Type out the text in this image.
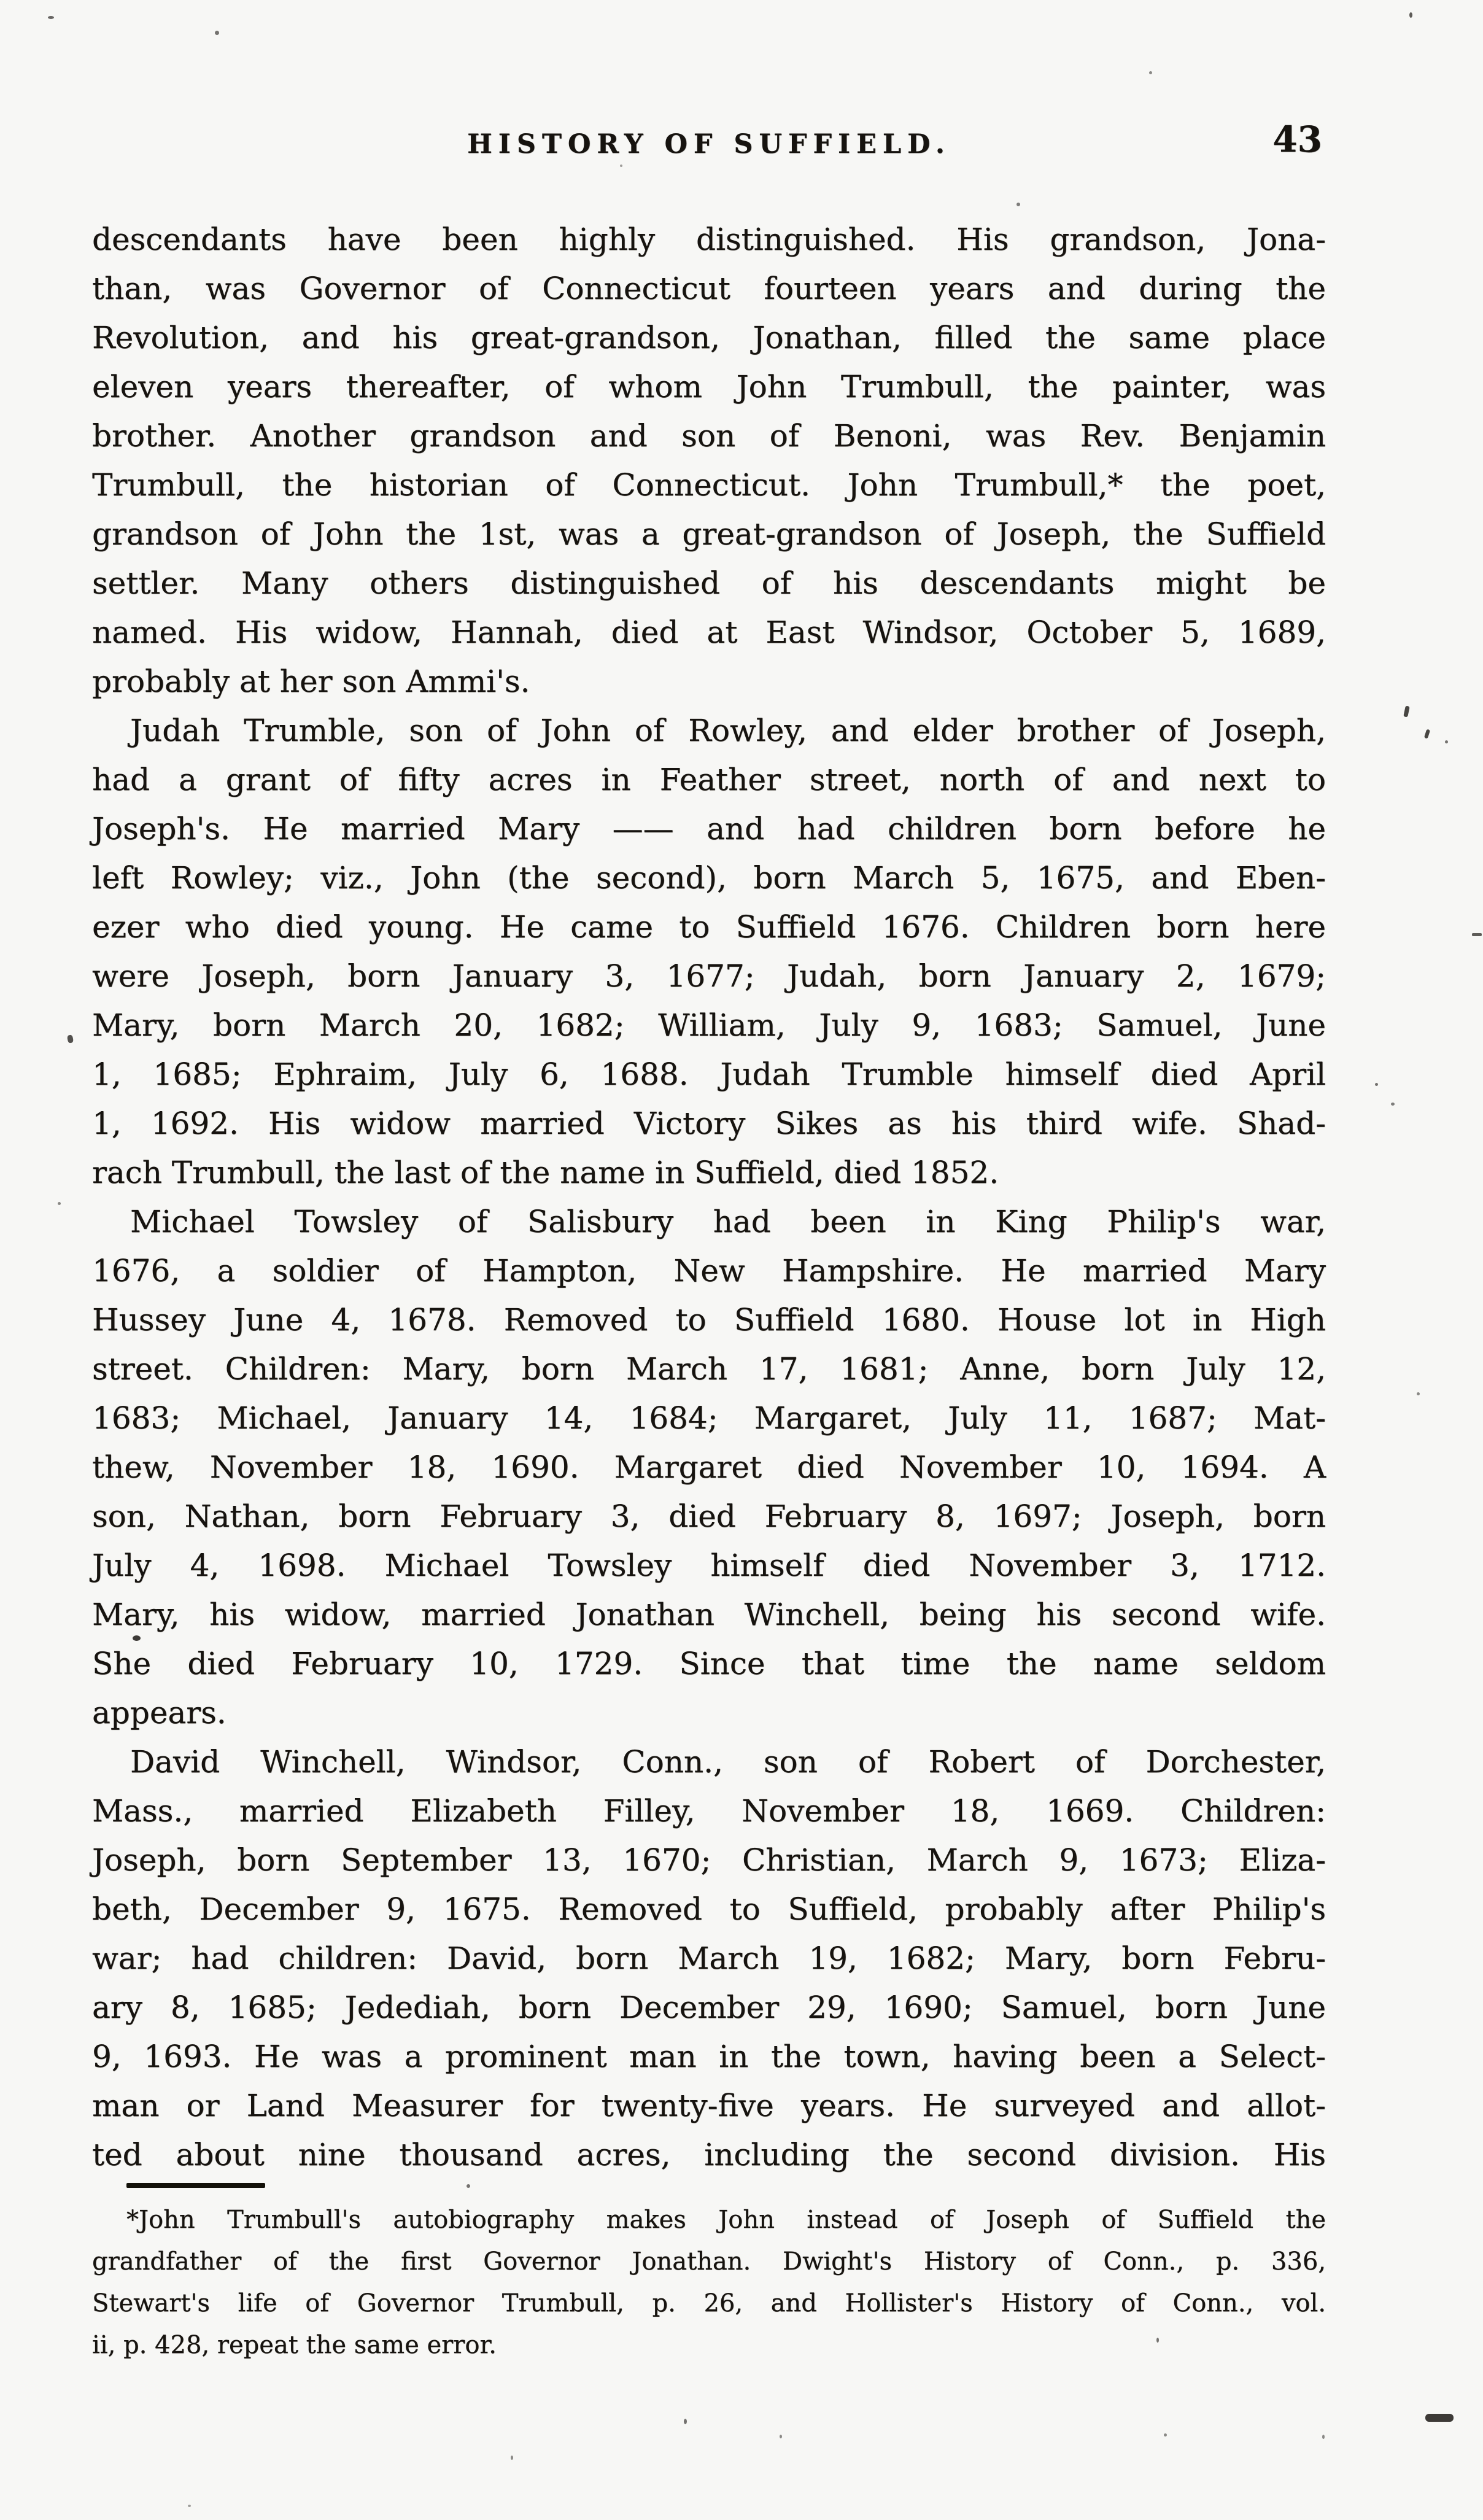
HISTORY OF SUFFIELD.	43
descendants have been highly distinguished. His grandson, Jona-
than, was Governor of Connecticut fourteen years and during the
Revolution, and his great-grandson, Jonathan, filled the same place
eleven years thereafter, of whom John Trumbull, the painter, was
brother. Another grandson and son of Benoni, was Rev. Benjamin
Trumbull, the historian of Connecticut. John Trumbull,* the poet,
grandson of John the 1st, was a great-grandson of Joseph, the Suffield
settler. Many others distinguished of his descendants might be
named. His widow, Hannah, died at East Windsor, October 5, 1689,
probably at her son Ammi's.
Judah Trumble, son of John of Rowley, and elder brother of Joseph,
had a grant of fifty acres in Feather street, north of and next to
Joseph's. He married Mary —— and had children born before he
left Rowley; viz., John (the second), born March 5, 1675, and Eben-
ezer who died young. He came to Suffield 1676. Children born here
were Joseph, born January 3, 1677; Judah, born January 2, 1679;
Mary, born March 20, 1682; William, July 9, 1683; Samuel, June
1, 1685; Ephraim, July 6, 1688. Judah Trumble himself died April
1, 1692. His widow married Victory Sikes as his third wife. Shad-
rach Trumbull, the last of the name in Suffield, died 1852.
Michael Towsley of Salisbury had been in King Philip's war,
1676, a soldier of Hampton, New Hampshire. He married Mary
Hussey June 4, 1678. Removed to Suffield 1680. House lot in High
street. Children: Mary, born March 17, 1681; Anne, born July 12,
1683; Michael, January 14, 1684; Margaret, July 11, 1687; Mat-
thew, November 18, 1690. Margaret died November 10, 1694. A
son, Nathan, born February 3, died February 8, 1697; Joseph, born
July 4, 1698. Michael Towsley himself died November 3, 1712.
Mary, his widow, married Jonathan Winchell, being his second wife.
She died February 10, 1729. Since that time the name seldom
appears.
David Winchell, Windsor, Conn., son of Robert of Dorchester,
Mass., married Elizabeth Filley, November 18, 1669. Children:
Joseph, born September 13, 1670; Christian, March 9, 1673; Eliza-
beth, December 9, 1675. Removed to Suffield, probably after Philip's
war; had children: David, born March 19, 1682; Mary, born Febru-
ary 8, 1685; Jedediah, born December 29, 1690; Samuel, born June
9, 1693. He was a prominent man in the town, having been a Select-
man or Land Measurer for twenty-five years. He surveyed and allot-
ted about nine thousand acres, including the second division. His
*John Trumbull's autobiography makes John instead of Joseph of Suffield the
grandfather of the first Governor Jonathan. Dwight's History of Conn., p. 336,
Stewart's life of Governor Trumbull, p. 26, and Hollister's History of Conn., vol.
ii, p. 428, repeat the same error.
